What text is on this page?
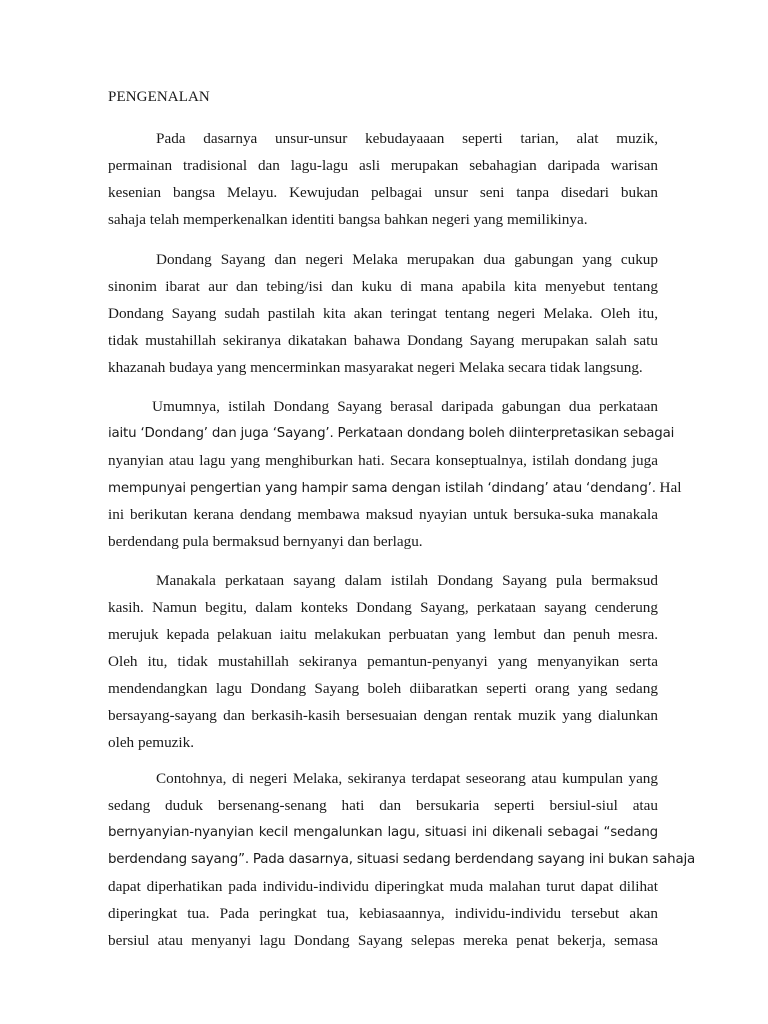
PENGENALAN
Pada dasarnya unsur-unsur kebudayaaan seperti tarian, alat muzik,
permainan tradisional dan lagu-lagu asli merupakan sebahagian daripada warisan
kesenian bangsa Melayu. Kewujudan pelbagai unsur seni tanpa disedari bukan
sahaja telah memperkenalkan identiti bangsa bahkan negeri yang memilikinya.
Dondang Sayang dan negeri Melaka merupakan dua gabungan yang cukup
sinonim ibarat aur dan tebing/isi dan kuku di mana apabila kita menyebut tentang
Dondang Sayang sudah pastilah kita akan teringat tentang negeri Melaka. Oleh itu,
tidak mustahillah sekiranya dikatakan bahawa Dondang Sayang merupakan salah satu
khazanah budaya yang mencerminkan masyarakat negeri Melaka secara tidak langsung.
Umumnya, istilah Dondang Sayang berasal daripada gabungan dua perkataan
iaitu ‘Dondang’ dan juga ‘Sayang’. Perkataan dondang boleh diinterpretasikan sebagai
nyanyian atau lagu yang menghiburkan hati. Secara konseptualnya, istilah dondang juga
mempunyai pengertian yang hampir sama dengan istilah ‘dindang’ atau ‘dendang’. Hal
ini berikutan kerana dendang membawa maksud nyayian untuk bersuka-suka manakala
berdendang pula bermaksud bernyanyi dan berlagu.
Manakala perkataan sayang dalam istilah Dondang Sayang pula bermaksud
kasih. Namun begitu, dalam konteks Dondang Sayang, perkataan sayang cenderung
merujuk kepada pelakuan iaitu melakukan perbuatan yang lembut dan penuh mesra.
Oleh itu, tidak mustahillah sekiranya pemantun-penyanyi yang menyanyikan serta
mendendangkan lagu Dondang Sayang boleh diibaratkan seperti orang yang sedang
bersayang-sayang dan berkasih-kasih bersesuaian dengan rentak muzik yang dialunkan
oleh pemuzik.
Contohnya, di negeri Melaka, sekiranya terdapat seseorang atau kumpulan yang
sedang duduk bersenang-senang hati dan bersukaria seperti bersiul-siul atau
bernyanyian-nyanyian kecil mengalunkan lagu, situasi ini dikenali sebagai “sedang
berdendang sayang”. Pada dasarnya, situasi sedang berdendang sayang ini bukan sahaja
dapat diperhatikan pada individu-individu diperingkat muda malahan turut dapat dilihat
diperingkat tua. Pada peringkat tua, kebiasaannya, individu-individu tersebut akan
bersiul atau menyanyi lagu Dondang Sayang selepas mereka penat bekerja, semasa
